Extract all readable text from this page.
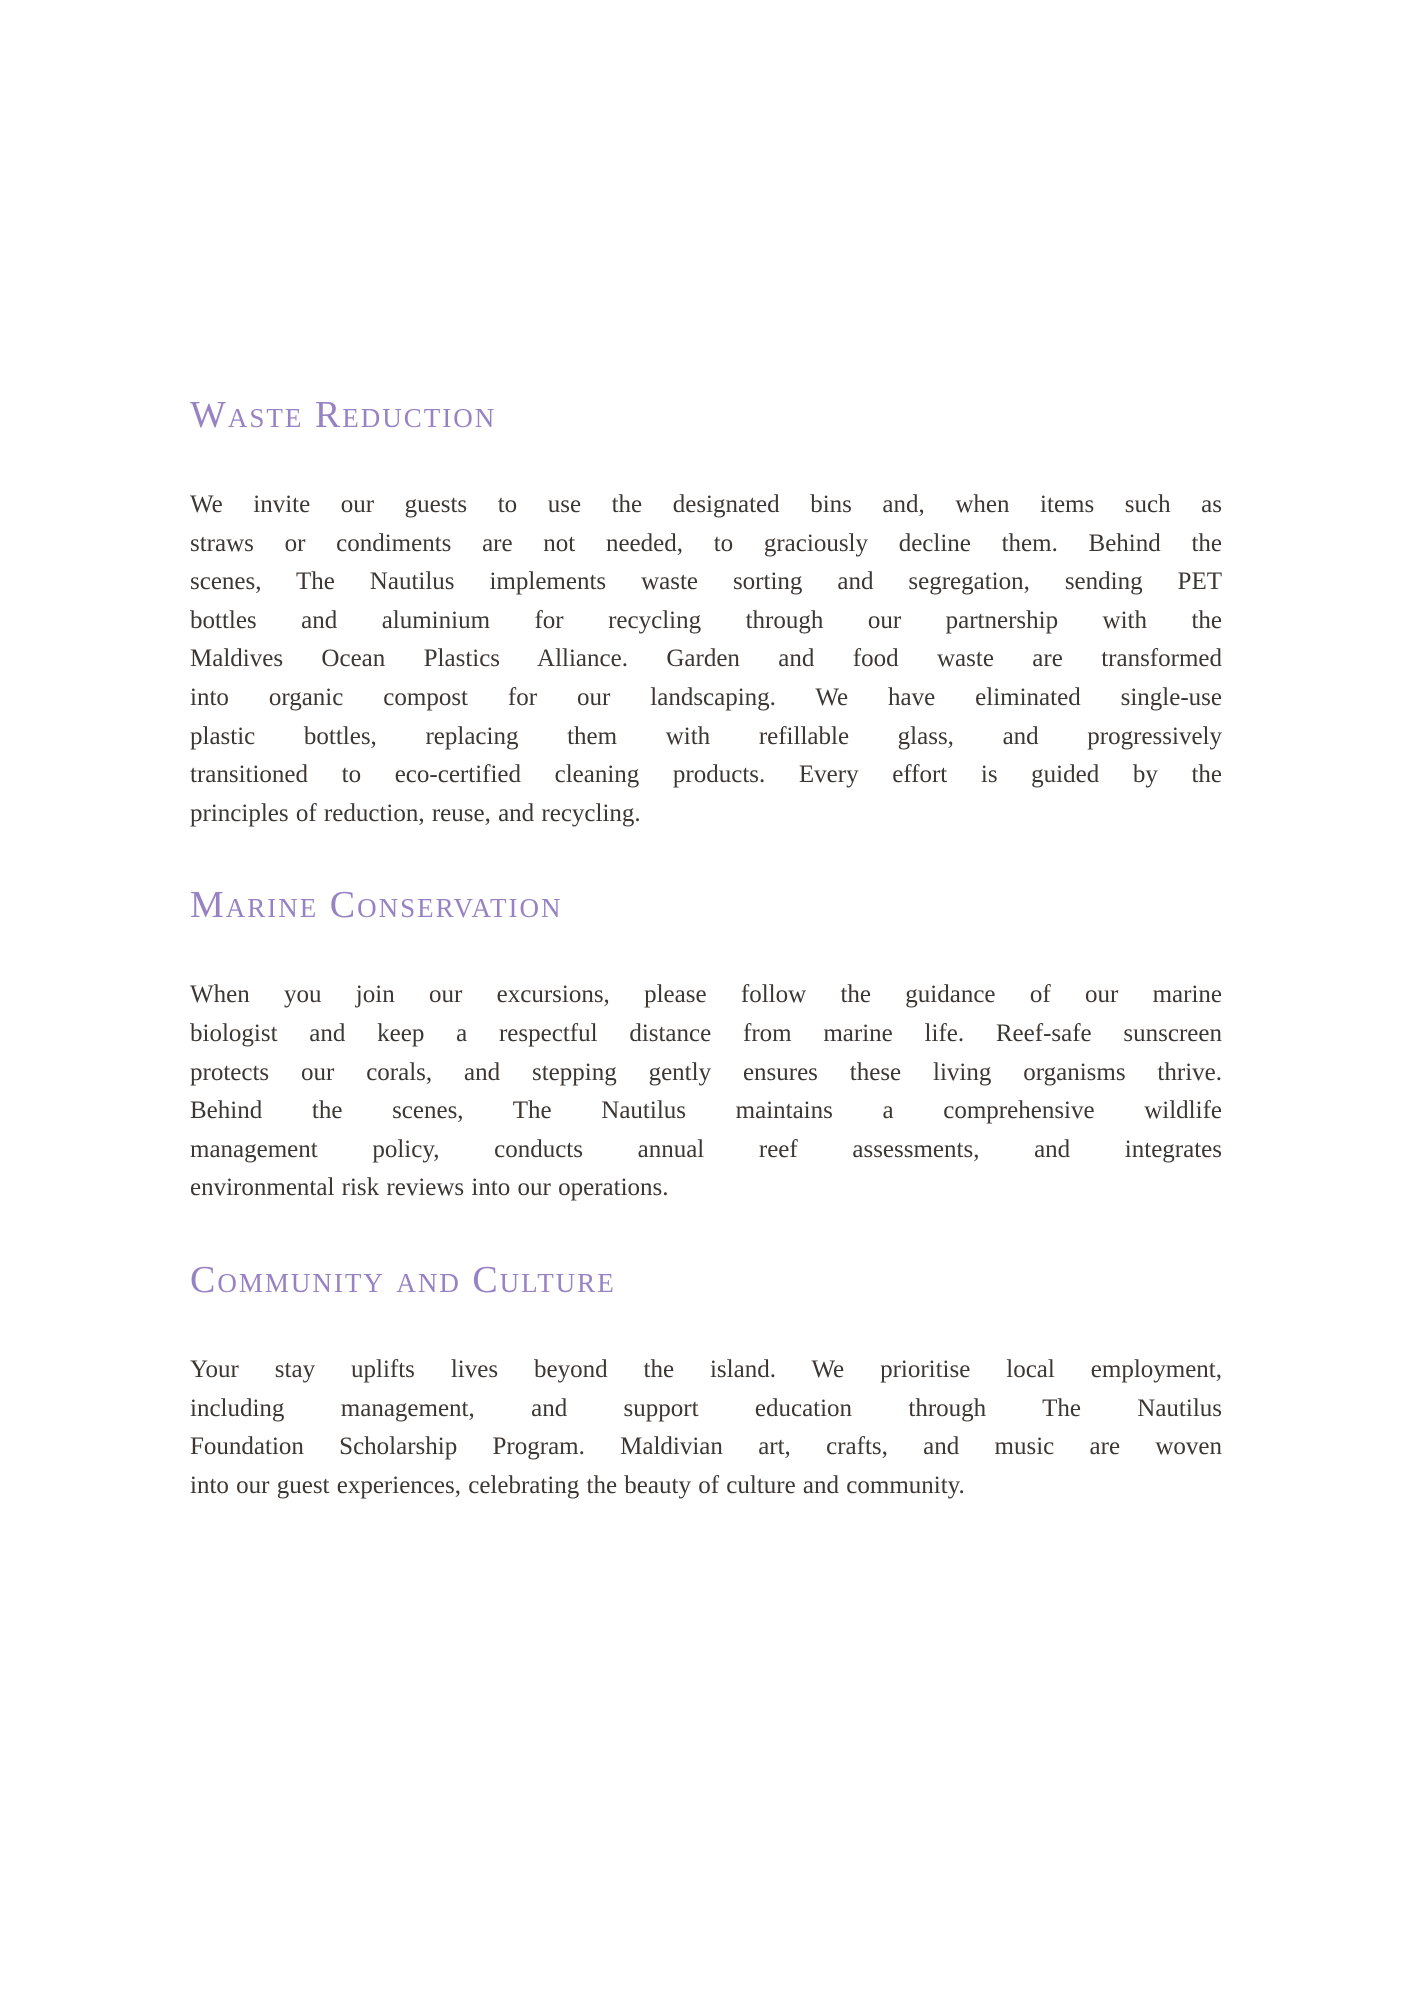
Waste Reduction
We invite our guests to use the designated bins and, when items such as
straws or condiments are not needed, to graciously decline them. Behind the
scenes, The Nautilus implements waste sorting and segregation, sending PET
bottles and aluminium for recycling through our partnership with the
Maldives Ocean Plastics Alliance. Garden and food waste are transformed
into organic compost for our landscaping. We have eliminated single-use
plastic bottles, replacing them with refillable glass, and progressively
transitioned to eco-certified cleaning products. Every effort is guided by the
principles of reduction, reuse, and recycling.
Marine Conservation
When you join our excursions, please follow the guidance of our marine
biologist and keep a respectful distance from marine life. Reef-safe sunscreen
protects our corals, and stepping gently ensures these living organisms thrive.
Behind the scenes, The Nautilus maintains a comprehensive wildlife
management policy, conducts annual reef assessments, and integrates
environmental risk reviews into our operations.
Community and Culture
Your stay uplifts lives beyond the island. We prioritise local employment,
including management, and support education through The Nautilus
Foundation Scholarship Program. Maldivian art, crafts, and music are woven
into our guest experiences, celebrating the beauty of culture and community.
